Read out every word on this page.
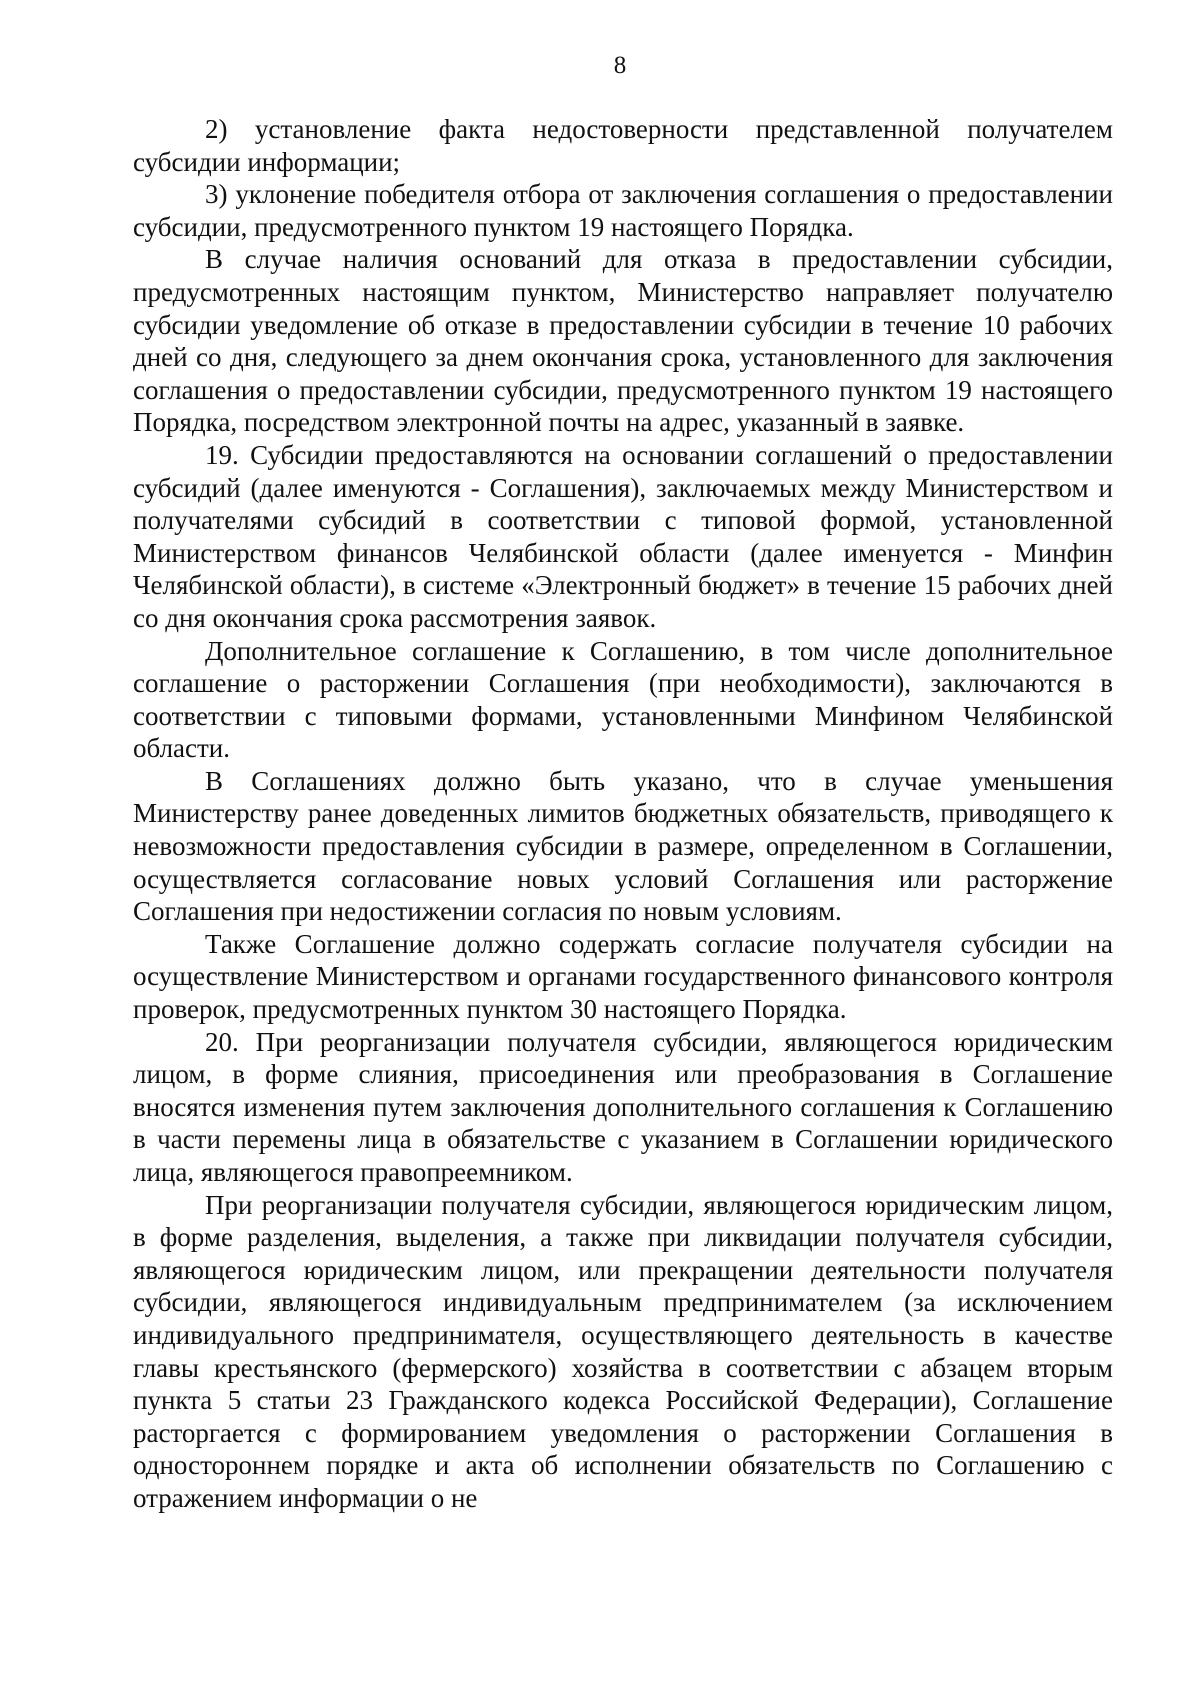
8

2) установление факта недостоверности представленной получателем субсидии информации;

3) уклонение победителя отбора от заключения соглашения о предоставлении субсидии, предусмотренного пунктом 19 настоящего Порядка.

В случае наличия оснований для отказа в предоставлении субсидии, предусмотренных настоящим пунктом, Министерство направляет получателю субсидии уведомление об отказе в предоставлении субсидии в течение 10 рабочих дней со дня, следующего за днем окончания срока, установленного для заключения соглашения о предоставлении субсидии, предусмотренного пунктом 19 настоящего Порядка, посредством электронной почты на адрес, указанный в заявке.

19. Субсидии предоставляются на основании соглашений о предоставлении субсидий (далее именуются - Соглашения), заключаемых между Министерством и получателями субсидий в соответствии с типовой формой, установленной Министерством финансов Челябинской области (далее именуется - Минфин Челябинской области), в системе «Электронный бюджет» в течение 15 рабочих дней со дня окончания срока рассмотрения заявок.

Дополнительное соглашение к Соглашению, в том числе дополнительное соглашение о расторжении Соглашения (при необходимости), заключаются в соответствии с типовыми формами, установленными Минфином Челябинской области.

В Соглашениях должно быть указано, что в случае уменьшения Министерству ранее доведенных лимитов бюджетных обязательств, приводящего к невозможности предоставления субсидии в размере, определенном в Соглашении, осуществляется согласование новых условий Соглашения или расторжение Соглашения при недостижении согласия по новым условиям.

Также Соглашение должно содержать согласие получателя субсидии на осуществление Министерством и органами государственного финансового контроля проверок, предусмотренных пунктом 30 настоящего Порядка.

20. При реорганизации получателя субсидии, являющегося юридическим лицом, в форме слияния, присоединения или преобразования в Соглашение вносятся изменения путем заключения дополнительного соглашения к Соглашению в части перемены лица в обязательстве с указанием в Соглашении юридического лица, являющегося правопреемником.

При реорганизации получателя субсидии, являющегося юридическим лицом, в форме разделения, выделения, а также при ликвидации получателя субсидии, являющегося юридическим лицом, или прекращении деятельности получателя субсидии, являющегося индивидуальным предпринимателем (за исключением индивидуального предпринимателя, осуществляющего деятельность в качестве главы крестьянского (фермерского) хозяйства в соответствии с абзацем вторым пункта 5 статьи 23 Гражданского кодекса Российской Федерации), Соглашение расторгается с формированием уведомления о расторжении Соглашения в одностороннем порядке и акта об исполнении обязательств по Соглашению с отражением информации о не
